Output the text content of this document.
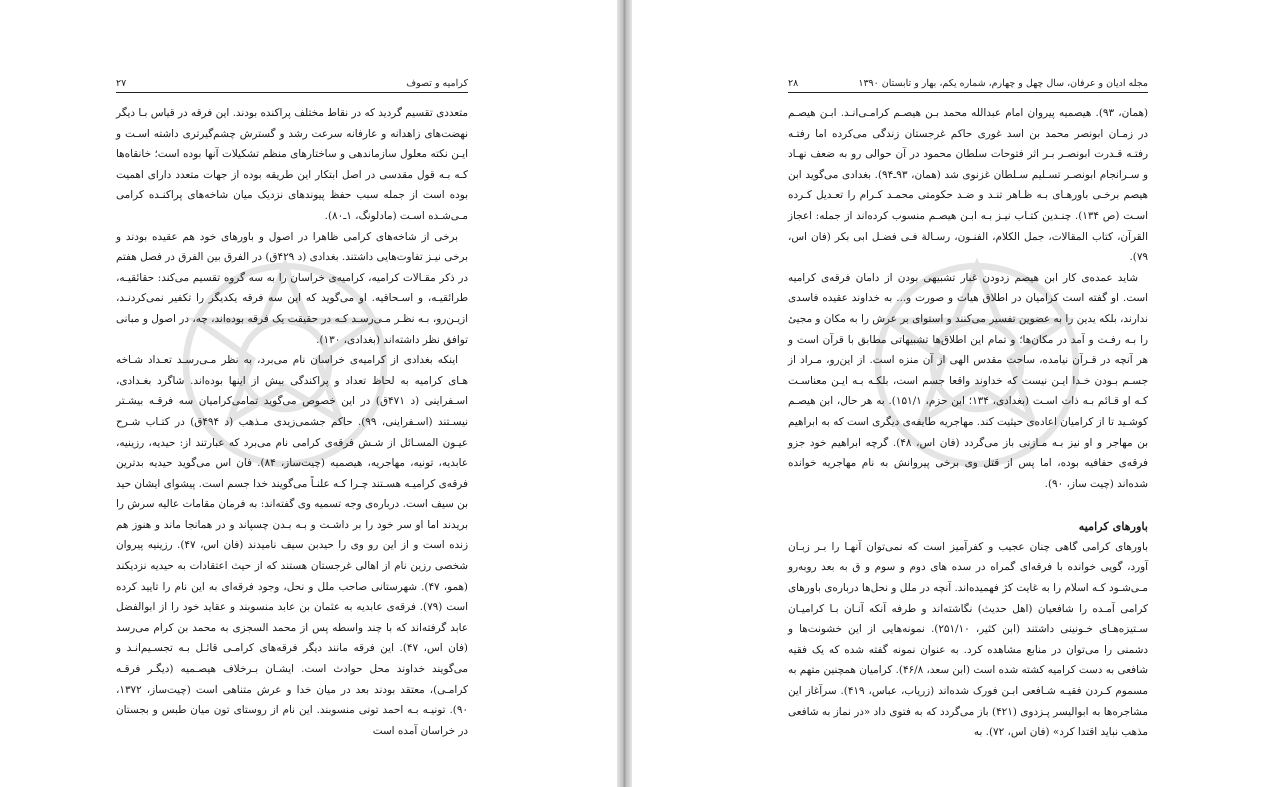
۲۷	کرامیه و تصوف

متعددی تقسیم گردید که در نقاط مختلف پراکنده بودند. این فرقه در قیاس بـا دیگر نهضت‌های زاهدانه و عارفانه سرعت رشد و گسترش چشم‌گیرتری داشته اسـت و ایـن نکته معلول سازماندهی و ساختارهای منظم تشکیلات آنها بوده است؛ خانقاه‌ها کـه بـه قول مقدسی در اصل ابتکار این طریقه بوده از جهات متعدد دارای اهمیت بوده است از جمله سبب حفظ پیوندهای نزدیک میان شاخه‌های پراکنـده کرامی مـی‌شـده اسـت (مادلونگ، ۱ـ۸۰).

برخی از شاخه‌های کرامی ظاهرا در اصول و باورهای خود هم عقیده بودند و برخی نیـز تفاوت‌هایی داشتند. بغدادی (د ۴۲۹ق) در الفرق بین الفرق در فصل هفتم در ذکر مقـالات کرامیه، کرامیه‌ی خراسان را به سه گروه تقسیم می‌کند: حقائقیـه، طرائقیـه، و اسـحاقیه. او می‌گوید که این سه فرقه یکدیگر را تکفیر نمی‌کردنـد، ازیـن‌رو، بـه نظـر مـی‌رسـد کـه در حقیقت یک فرقه بوده‌اند، چه، در اصول و مبانی توافق نظر داشته‌اند (بغدادی، ۱۳۰).

اینکه بغدادی از کرامیه‌ی خراسان نام می‌برد، به نظر مـی‌رسـد تعـداد شـاخه هـای کرامیه به لحاظ تعداد و پراکندگی بیش از اینها بوده‌اند. شاگرد بغـدادی، اسـفراینی (د ۴۷۱ق) در این خصوص می‌گوید تمامی‌کرامیان سه فرقـه بیشـتر نیسـتند (اسـفراینی، ۹۹). حاکم جشمی‌زیدی مـذهب (د ۴۹۴ق) در کتـاب شـرح عیـون المسـائل از شـش فرقه‌ی کرامی نام می‌برد که عبارتند از: حیدیه، رزینیه، عابدیه، تونیه، مهاجریه، هیصمیه (چیت‌ساز، ۸۴). فان اس می‌گوید حیدیه بدترین فرقه‌ی کرامیـه هسـتند چـرا کـه علنـاً می‌گویند خدا جسم است. پیشوای ایشان حید بن سیف است. درباره‌ی وجه تسمیه وی گفته‌اند: به فرمان مقامات عالیه سرش را بریدند اما او سر خود را بر داشـت و بـه بـدن چسپاند و در همانجا ماند و هنوز هم زنده است و از این رو وی را حیدبن سیف نامیدند (فان اس، ۴۷). رزینیه پیروان شخصی رزین نام از اهالی غرجستان هستند که از حیث اعتقادات به حیدیه نزدیکند (همو، ۴۷). شهرستانی صاحب ملل و نحل، وجود فرقه‌ای به این نام را تایید کرده است (۷۹). فرقه‌ی عابدیه به عثمان بن عابد منسوبند و عقاید خود را از ابوالفضل عابد گرفته‌اند که با چند واسطه پس از محمد السجزی به محمد بن کرام می‌رسد (فان اس، ۴۷). این فرقه مانند دیگر فرقه‌های کرامـی قائـل بـه تجسـیم‌انـد و می‌گویند خداوند محل حوادث است. ایشـان بـرخلاف هیصـمیه (دیگـر فرقـه کرامـی)، معتقد بودند بعد در میان خدا و عرش متناهی است (چیت‌ساز، ۱۳۷۲، ۹۰). تونیـه بـه احمد تونی منسوبند. این نام از روستای تون میان طبس و بجستان در خراسان آمده است

۲۸	مجله ادیان و عرفان، سال چهل و چهارم، شماره یکم، بهار و تابستان ۱۳۹۰

(همان، ۹۳). هیصمیه پیروان امام عبدالله محمد بـن هیصـم کرامـی‌انـد. ابـن هیصـم در زمـان ابونصر محمد بن اسد غوری حاکم غرجستان زندگی می‌کرده اما رفتـه رفتـه قـدرت ابونصـر بـر اثر فتوحات سلطان محمود در آن حوالی رو به ضعف نهـاد و سـرانجام ابونصـر تسـلیم سـلطان غزنوی شد (همان، ۹۳ـ۹۴). بغدادی می‌گوید ابن هیصم برخـی باورهـای بـه ظـاهر تنـد و ضـد حکومتی محمـد کـرام را تعـدیل کـرده اسـت (ص ۱۳۴). چنـدین کتـاب نیـز بـه ابـن هیصـم منسوب کرده‌اند از جمله: اعجاز القرآن، کتاب المقالات، جمل الکلام، الفنـون، رسـالة فـی فضـل ابی بکر (فان اس، ۷۹).

شاید عمده‌ی کار ابن هیصم زدودن غبار تشبیهی بودن از دامان فرقه‌ی کرامیه است. او گفته است کرامیان در اطلاق هیات و صورت و... به خداوند عقیده فاسدی ندارند، بلکه یدین را به عضوین تفسیر می‌کنند و استوای بر عرش را به مکان و مجیئ را بـه رفـت و آمد در مکان‌ها؛ و تمام این اطلاق‌ها تشبیهاتی مطابق با قرآن است و هر آنچه در قـرآن نیامده، ساحت مقدس الهی از آن منزه است. از این‌رو، مـراد از جسـم بـودن خـدا ایـن نیست که خداوند واقعا جسم است، بلکـه بـه ایـن معناسـت کـه او قـائم بـه ذات اسـت (بغدادی، ۱۳۴؛ ابن حزم، ۱۵۱/۱). به هر حال، ابن هیصـم کوشـید تا از کرامیان اعاده‌ی حیثیت کند. مهاجریه طایفه‌ی دیگری است که به ابراهیم بن مهاجر و او نیز بـه مـازنی باز می‌گردد (فان اس، ۴۸). گرچه ابراهیم خود جزو فرقه‌ی حفافیه بوده، اما پس از قتل وی برخی پیروانش به نام مهاجریه خوانده شده‌اند (چیت ساز، ۹۰).

باورهای کرامیه

باورهای کرامی گاهی چنان عجیب و کفرآمیز است که نمی‌توان آنهـا را بـر زبـان آورد، گویی خوانده با فرقه‌ای گمراه در سده های دوم و سوم و ق به بعد روبه‌رو مـی‌شـود کـه اسلام را به غایت کژ فهمیده‌اند. آنچه در ملل و نحل‌ها درباره‌ی باورهای کرامی آمـده را شافعیان (اهل حدیث) نگاشته‌اند و طرفه آنکه آنـان بـا کرامیـان سـتیزه‌هـای خـونینی داشتند (ابن کثیر، ۲۵۱/۱۰). نمونه‌هایی از این خشونت‌ها و دشمنی را می‌توان در منابع مشاهده کرد. به عنوان نمونه گفته شده که یک فقیه شافعی به دست کرامیه کشته شده است (ابن سعد، ۴۶/۸). کرامیان همچنین متهم به مسموم کـردن فقیـه شـافعی ابـن فورک شده‌اند (زریاب، عباس، ۴۱۹). سرآغاز این مشاجره‌ها به ابوالیسر پـزدوی (۴۲۱) باز می‌گردد که به فتوی داد «در نماز به شافعی مذهب نباید اقتدا کرد» (فان اس، ۷۲). به
